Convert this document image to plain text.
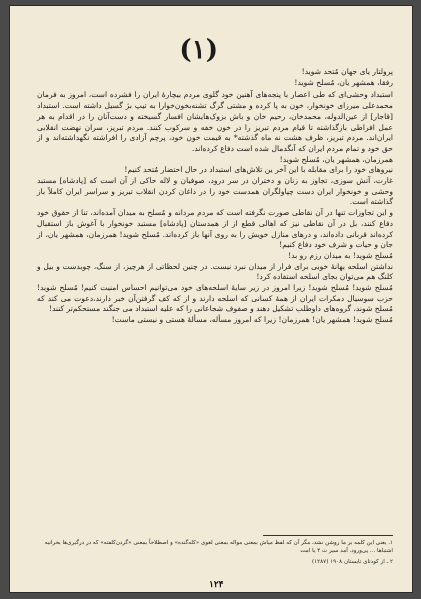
(۱)

پرولتار یای جهان مُتحد شوید!

رفقا، همشهر یان، مُسلح شوید!

استبداد وحشی‌ای که طی اعصار با پنجه‌های آهنین خود گلوی مردم بیچارهٔ ایران را فشرده است، امروز به فرمان محمدعلی میرزای خونخوار، خون به پا کرده و مشتی گرگ تشنه‌بخون‌خوارا به تیپ بژ گسیل داشته است. استبداد [قاجار] از عین‌الدوله، محمدخان، رحیم خان و باش بزوک‌هایشان افسار گسیخته و دست‌آنان را در اقدام به هر عمل افراطی بازگذاشته تا قیام مردم تبریز را در خون خفه و سرکوب کنند. مردم تبریز، سران نهضت انقلابی ایران‌اند. مردم تبریز، ظرف هشت نه ماه گذشته* به قیمت خون خود، پرچم آزادی را افراشته نگهداشته‌اند و از حق خود و تمام مردم ایران که آنگدمال شده است دفاع کرده‌اند.

همرزمان، همشهر یان، مُسلح شوید!

نیروهای خود را برای مقابله با این آخر ین تلاش‌های استبداد در حال احتضار مُتحد کنیم!

غارت، آتش سوزی، تجاوز به زنان و دختران در سر درود، صوفیان و لاله حاکی از آن است که [پادشاه] مستبد وحشی و خونخوار ایران دست چپاولگران همدست خود را در داغان کردن انقلاب تبریز و سراسر ایران کاملاً باز گذاشته است.

و این تجاوزات تنها در آن نقاطی صورت نگرفته است که مردم مردانه و مُسلح به میدان آمده‌اند، تنا از حقوق خود دفاع کنند، بل در آن نقاطی نیز که اهالی قطع از از همدستان [پادشاه] مستبد خونخوار با آغوش باز استقبال کرده‌اند قربانی داده‌اند، و درهای منازل خویش را به روی آنها باز کرده‌اند. مُسلح شوید! همرزمان، همشهر یان، از جان و حیات و شرف خود دفاع کنیم!

مُسلح شوید! به میدان رزم رو بد!

نداشتن اسلحه بهانهٔ خوبی برای فرار از میدان نبرد نیست. در چنین لحظاتی از هرچیز، از سنگ، چوبدست و بیل و کلنگ هم می‌توان بجای اسلحه استفاده کرد!

مُسلح شوید! مُسلح شوید! زیرا امروز در زیر سایهٔ اسلحه‌های خود می‌توانیم احساس امنیت کنیم! مُسلح شوید! حزب سوسیال دمکرات ایران از همهٔ کسانی که اسلحه دارند و از که کف گرفتن‌آن خبر دارند،دعوت می کند که مُسلح شوند، گروه‌های داوطلب تشکیل دهند و صفوف شجاعانی را که علیه استبداد می جنگند مستحکم‌تر کنند!

مُسلح شوید! همشهر یان! همرزمان! زیرا که امروز مسأله، مسألهٔ هستی و نیستی ماست!

۱. یعنی این کلمه بر ما روشن نشد، مگر آن که لفظ میاش بمعنی مواله بمعنی لغوی «کله‌گنده» و اصطلاحاً بمعنی «گردن‌کلفته» که در درگیری‌ها بحرانیه اشتباها ... پی‌ورود. آمد سیر ث ۴ یا امت

۲ ـ از کودتای تابستان ۱۹۰۸ (۱۲۸۷)

۱۲۴
